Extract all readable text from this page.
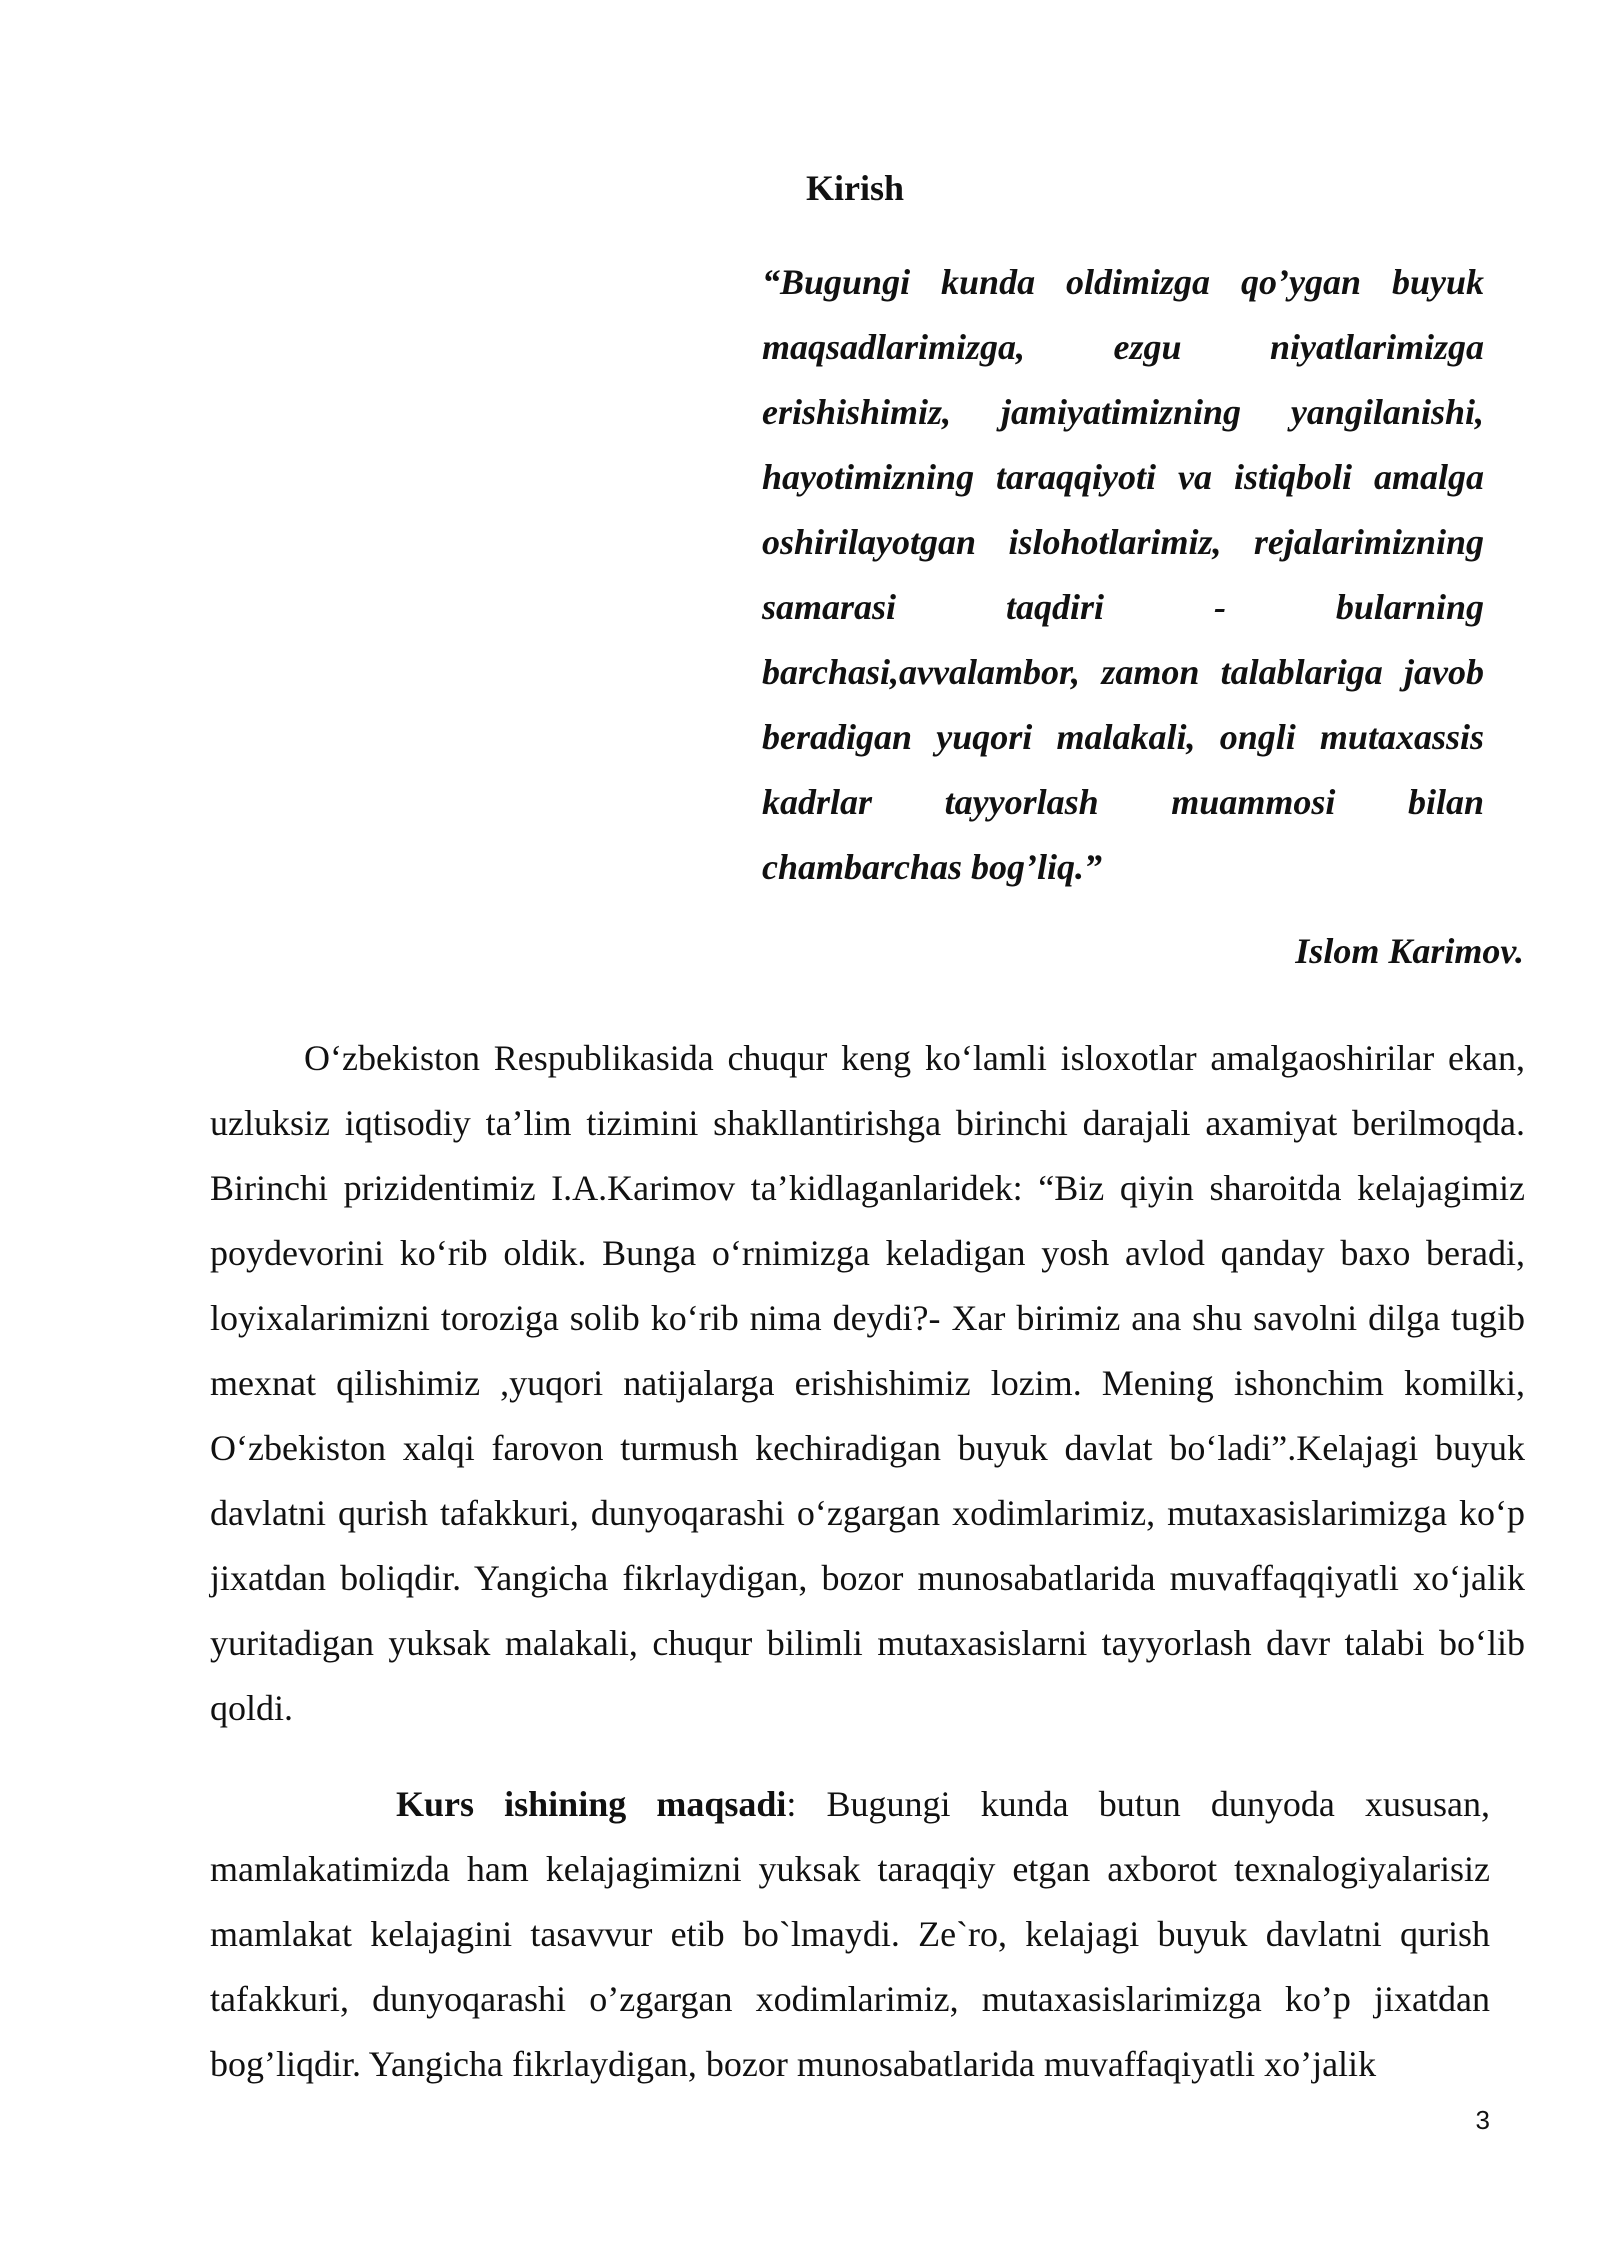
Kirish

“Bugungi kunda oldimizga qo’ygan buyuk maqsadlarimizga, ezgu niyatlarimizga erishishimiz, jamiyatimizning yangilanishi, hayotimizning taraqqiyoti va istiqboli amalga oshirilayotgan islohotlarimiz, rejalarimizning samarasi taqdiri - bularning barchasi,avvalambor, zamon talablariga javob beradigan yuqori malakali, ongli mutaxassis kadrlar tayyorlash muammosi bilan chambarchas bog’liq.”

Islom Karimov.

O‘zbekiston Respublikasida chuqur keng ko‘lamli isloxotlar amalgaoshirilar ekan, uzluksiz iqtisodiy ta’lim tizimini shakllantirishga birinchi darajali axamiyat berilmoqda. Birinchi prizidentimiz I.A.Karimov ta’kidlaganlaridek: “Biz qiyin sharoitda kelajagimiz poydevorini ko‘rib oldik. Bunga o‘rnimizga keladigan yosh avlod qanday baxo beradi, loyixalarimizni toroziga solib ko‘rib nima deydi?- Xar birimiz ana shu savolni dilga tugib mexnat qilishimiz ,yuqori natijalarga erishishimiz lozim. Mening ishonchim komilki, O‘zbekiston xalqi farovon turmush kechiradigan buyuk davlat bo‘ladi”.Kelajagi buyuk davlatni qurish tafakkuri, dunyoqarashi o‘zgargan xodimlarimiz, mutaxasislarimizga ko‘p jixatdan boliqdir. Yangicha fikrlaydigan, bozor munosabatlarida muvaffaqqiyatli xo‘jalik yuritadigan yuksak malakali, chuqur bilimli mutaxasislarni tayyorlash davr talabi bo‘lib qoldi.

Kurs ishining maqsadi: Bugungi kunda butun dunyoda xususan, mamlakatimizda ham kelajagimizni yuksak taraqqiy etgan axborot texnalogiyalarisiz mamlakat kelajagini tasavvur etib bo`lmaydi. Ze`ro, kelajagi buyuk davlatni qurish tafakkuri, dunyoqarashi o’zgargan xodimlarimiz, mutaxasislarimizga ko’p jixatdan bog’liqdir. Yangicha fikrlaydigan, bozor munosabatlarida muvaffaqiyatli xo’jalik

3
